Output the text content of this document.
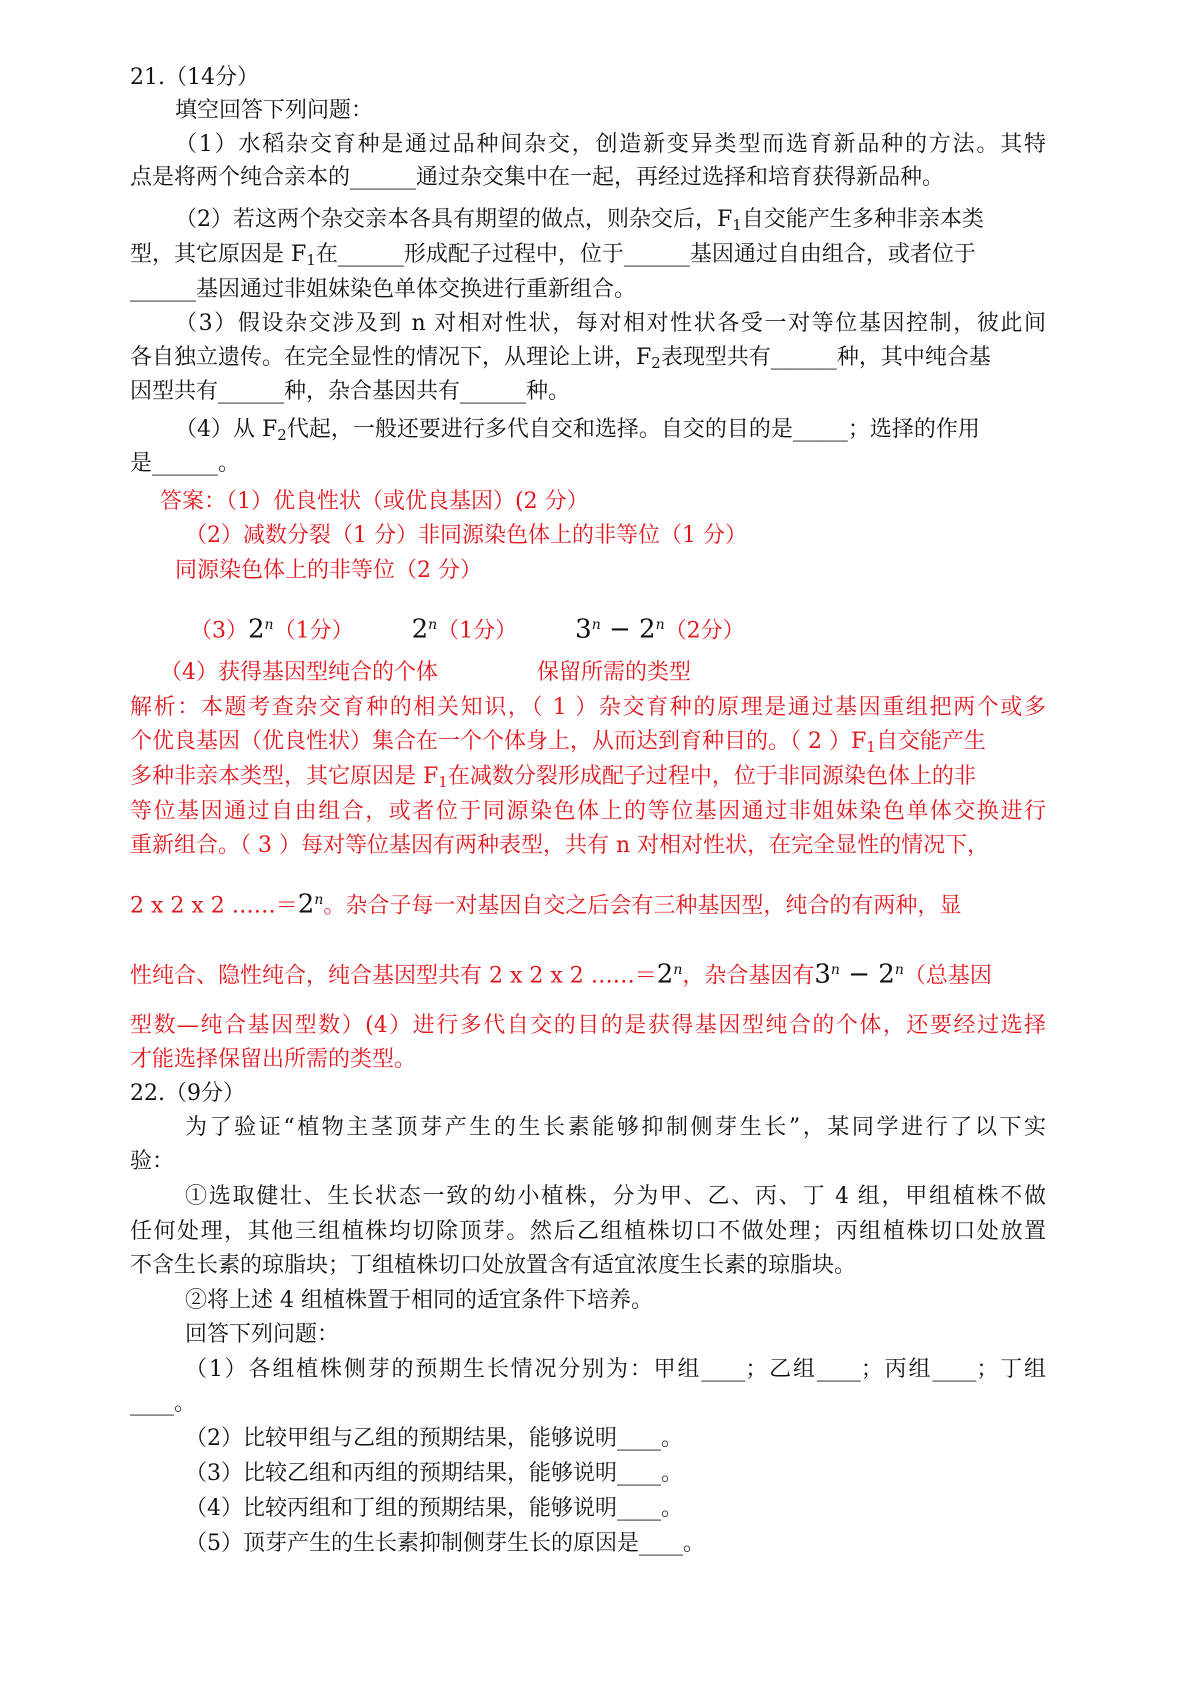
21.（14分）
填空回答下列问题：
（1）水稻杂交育种是通过品种间杂交，创造新变异类型而选育新品种的方法。其特
点是将两个纯合亲本的______通过杂交集中在一起，再经过选择和培育获得新品种。
（2）若这两个杂交亲本各具有期望的做点，则杂交后，$F_1$自交能产生多种非亲本类
型，其它原因是 $F_1$在______形成配子过程中，位于______基因通过自由组合，或者位于
______基因通过非姐妹染色单体交换进行重新组合。
（3）假设杂交涉及到 n 对相对性状，每对相对性状各受一对等位基因控制，彼此间
各自独立遗传。在完全显性的情况下，从理论上讲，$F_2$表现型共有______种，其中纯合基
因型共有______种，杂合基因共有______种。
（4）从 $F_2$代起，一般还要进行多代自交和选择。自交的目的是_____；选择的作用
是______。
答案：（1）优良性状（或优良基因）(2 分）
（2）减数分裂（1 分）非同源染色体上的非等位（1 分）
同源染色体上的非等位（2 分）
（3）2$^n$（1分） 2$^n$（1分） $3^n - 2^n(2$分）
（4）获得基因型纯合的个体	保留所需的类型
解析：本题考查杂交育种的相关知识，（ 1 ）杂交育种的原理是通过基因重组把两个或多
个优良基因（优良性状）集合在一个个体身上，从而达到育种目的。（ 2 ）$F_1$自交能产生
多种非亲本类型，其它原因是 $F_1$在减数分裂形成配子过程中，位于非同源染色体上的非
等位基因通过自由组合，或者位于同源染色体上的等位基因通过非姐妹染色单体交换进行
重新组合。（ 3 ）每对等位基因有两种表型，共有 n 对相对性状，在完全显性的情况下，
2 x 2 x 2 $\dots\dots=2^n$。杂合子每一对基因自交之后会有三种基因型，纯合的有两种，显
性纯合、隐性纯合，纯合基因型共有 2 x 2 x 2 $\dots\dots=2^n$，杂合基因有$3^n - 2^n$（总基因
型数—纯合基因型数）(4）进行多代自交的目的是获得基因型纯合的个体，还要经过选择
才能选择保留出所需的类型。
22.（9分）
为了验证“植物主茎顶芽产生的生长素能够抑制侧芽生长”，某同学进行了以下实
验：
①选取健壮、生长状态一致的幼小植株，分为甲、乙、丙、丁 4 组，甲组植株不做
任何处理，其他三组植株均切除顶芽。然后乙组植株切口不做处理；丙组植株切口处放置
不含生长素的琼脂块；丁组植株切口处放置含有适宜浓度生长素的琼脂块。
②将上述 4 组植株置于相同的适宜条件下培养。
回答下列问题：
（1）各组植株侧芽的预期生长情况分别为：甲组____；乙组____；丙组____；丁组
____。
（2）比较甲组与乙组的预期结果，能够说明____。
（3）比较乙组和丙组的预期结果，能够说明____。
（4）比较丙组和丁组的预期结果，能够说明____。
（5）顶芽产生的生长素抑制侧芽生长的原因是____。
